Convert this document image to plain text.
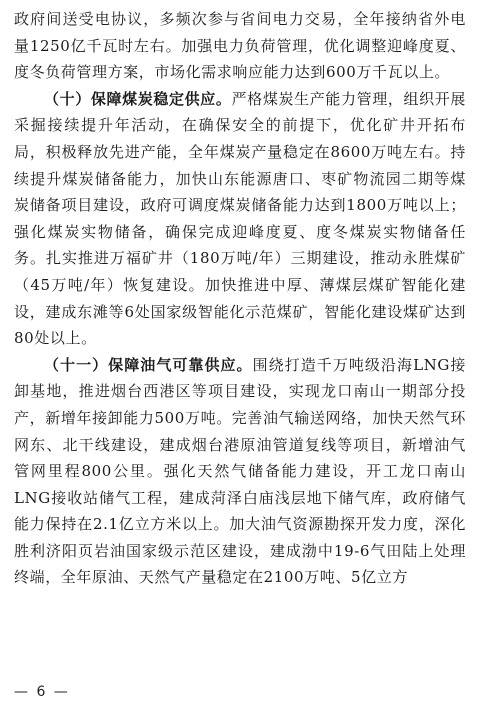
政府间送受电协议，多频次参与省间电力交易，全年接纳省外电量1250亿千瓦时左右。加强电力负荷管理，优化调整迎峰度夏、度冬负荷管理方案，市场化需求响应能力达到600万千瓦以上。

（十）保障煤炭稳定供应。严格煤炭生产能力管理，组织开展采掘接续提升年活动，在确保安全的前提下，优化矿井开拓布局，积极释放先进产能，全年煤炭产量稳定在8600万吨左右。持续提升煤炭储备能力，加快山东能源唐口、枣矿物流园二期等煤炭储备项目建设，政府可调度煤炭储备能力达到1800万吨以上；强化煤炭实物储备，确保完成迎峰度夏、度冬煤炭实物储备任务。扎实推进万福矿井（180万吨/年）三期建设，推动永胜煤矿（45万吨/年）恢复建设。加快推进中厚、薄煤层煤矿智能化建设，建成东滩等6处国家级智能化示范煤矿，智能化建设煤矿达到80处以上。

（十一）保障油气可靠供应。围绕打造千万吨级沿海LNG接卸基地，推进烟台西港区等项目建设，实现龙口南山一期部分投产，新增年接卸能力500万吨。完善油气输送网络，加快天然气环网东、北干线建设，建成烟台港原油管道复线等项目，新增油气管网里程800公里。强化天然气储备能力建设，开工龙口南山LNG接收站储气工程，建成菏泽白庙浅层地下储气库，政府储气能力保持在2.1亿立方米以上。加大油气资源勘探开发力度，深化胜利济阳页岩油国家级示范区建设，建成渤中19-6气田陆上处理终端，全年原油、天然气产量稳定在2100万吨、5亿立方

— 6 —
